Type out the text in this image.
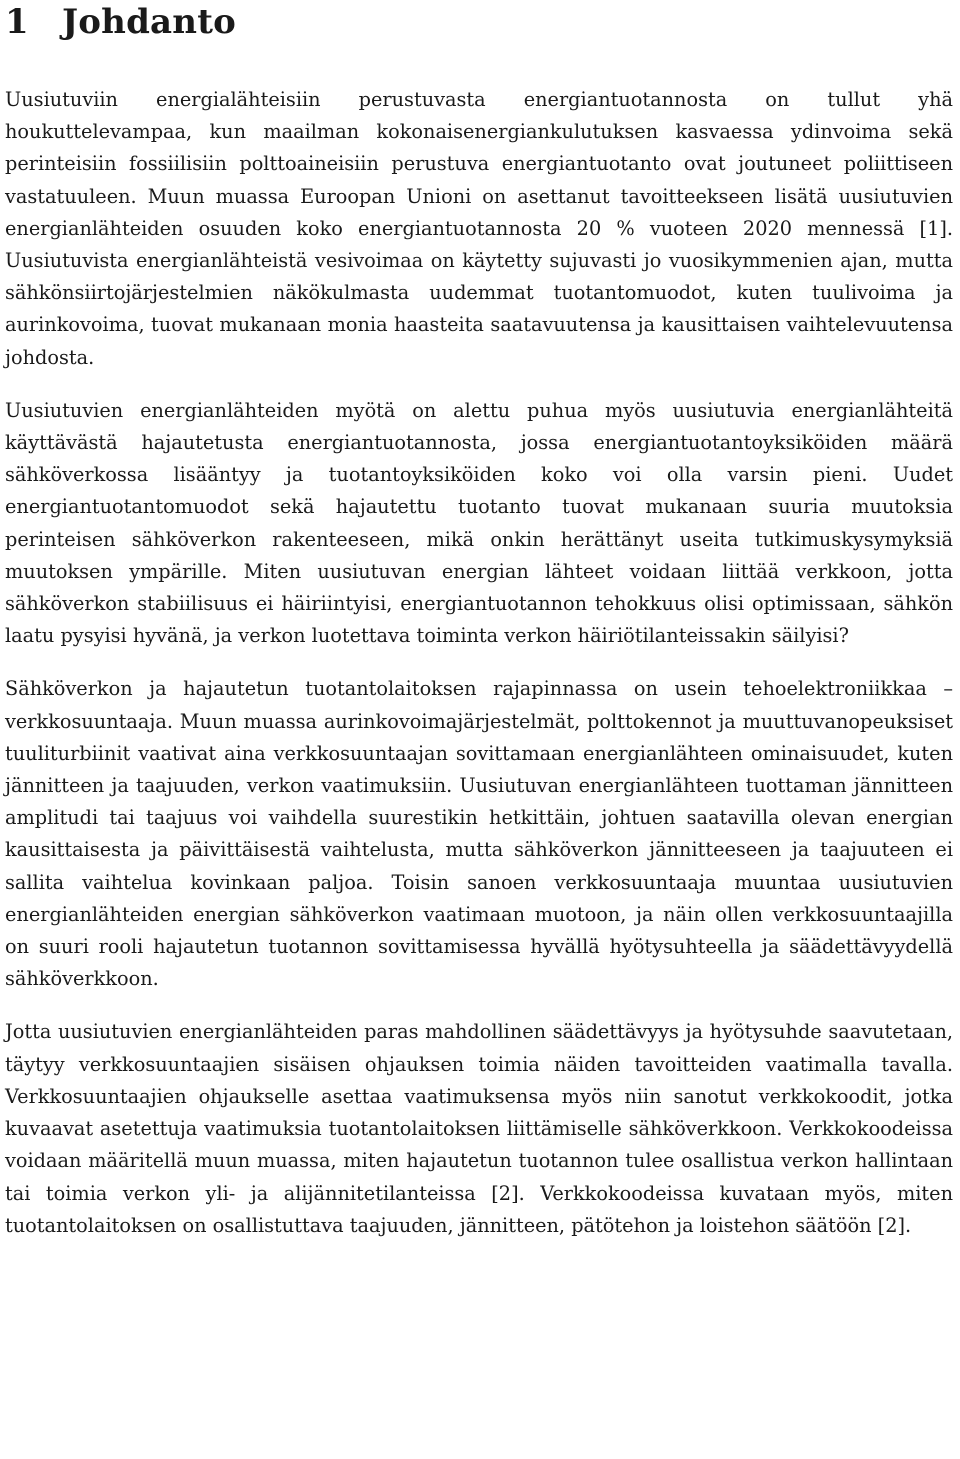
1 Johdanto

Uusiutuviin energialähteisiin perustuvasta energiantuotannosta on tullut yhä houkuttelevampaa, kun maailman kokonaisenergiankulutuksen kasvaessa ydinvoima sekä perinteisiin fossiilisiin polttoaineisiin perustuva energiantuotanto ovat joutuneet poliittiseen vastatuuleen. Muun muassa Euroopan Unioni on asettanut tavoitteekseen lisätä uusiutuvien energianlähteiden osuuden koko energiantuotannosta 20 % vuoteen 2020 mennessä [1]. Uusiutuvista energianlähteistä vesivoimaa on käytetty sujuvasti jo vuosikymmenien ajan, mutta sähkönsiirtojärjestelmien näkökulmasta uudemmat tuotantomuodot, kuten tuulivoima ja aurinkovoima, tuovat mukanaan monia haasteita saatavuutensa ja kausittaisen vaihtelevuutensa johdosta.

Uusiutuvien energianlähteiden myötä on alettu puhua myös uusiutuvia energianlähteitä käyttävästä hajautetusta energiantuotannosta, jossa energiantuotantoyksiköiden määrä sähköverkossa lisääntyy ja tuotantoyksiköiden koko voi olla varsin pieni. Uudet energiantuotantomuodot sekä hajautettu tuotanto tuovat mukanaan suuria muutoksia perinteisen sähköverkon rakenteeseen, mikä onkin herättänyt useita tutkimuskysymyksiä muutoksen ympärille. Miten uusiutuvan energian lähteet voidaan liittää verkkoon, jotta sähköverkon stabiilisuus ei häiriintyisi, energiantuotannon tehokkuus olisi optimissaan, sähkön laatu pysyisi hyvänä, ja verkon luotettava toiminta verkon häiriötilanteissakin säilyisi?

Sähköverkon ja hajautetun tuotantolaitoksen rajapinnassa on usein tehoelektroniikkaa – verkkosuuntaaja. Muun muassa aurinkovoimajärjestelmät, polttokennot ja muuttuvanopeuksiset tuuliturbiinit vaativat aina verkkosuuntaajan sovittamaan energianlähteen ominaisuudet, kuten jännitteen ja taajuuden, verkon vaatimuksiin. Uusiutuvan energianlähteen tuottaman jännitteen amplitudi tai taajuus voi vaihdella suurestikin hetkittäin, johtuen saatavilla olevan energian kausittaisesta ja päivittäisestä vaihtelusta, mutta sähköverkon jännitteeseen ja taajuuteen ei sallita vaihtelua kovinkaan paljoa. Toisin sanoen verkkosuuntaaja muuntaa uusiutuvien energianlähteiden energian sähköverkon vaatimaan muotoon, ja näin ollen verkkosuuntaajilla on suuri rooli hajautetun tuotannon sovittamisessa hyvällä hyötysuhteella ja säädettävyydellä sähköverkkoon.

Jotta uusiutuvien energianlähteiden paras mahdollinen säädettävyys ja hyötysuhde saavutetaan, täytyy verkkosuuntaajien sisäisen ohjauksen toimia näiden tavoitteiden vaatimalla tavalla. Verkkosuuntaajien ohjaukselle asettaa vaatimuksensa myös niin sanotut verkkokoodit, jotka kuvaavat asetettuja vaatimuksia tuotantolaitoksen liittämiselle sähköverkkoon. Verkkokoodeissa voidaan määritellä muun muassa, miten hajautetun tuotannon tulee osallistua verkon hallintaan tai toimia verkon yli- ja alijännitetilanteissa [2]. Verkkokoodeissa kuvataan myös, miten tuotantolaitoksen on osallistuttava taajuuden, jännitteen, pätötehon ja loistehon säätöön [2].
